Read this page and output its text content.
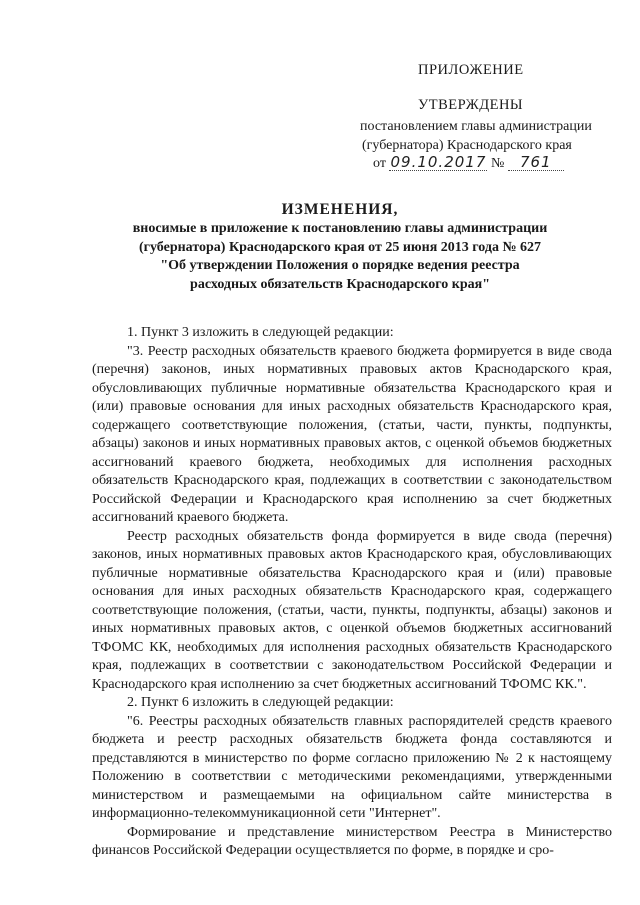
ПРИЛОЖЕНИЕ
УТВЕРЖДЕНЫ
постановлением главы администрации
(губернатора) Краснодарского края
от 09.10.2017 № 761
ИЗМЕНЕНИЯ,
вносимые в приложение к постановлению главы администрации
(губернатора) Краснодарского края от 25 июня 2013 года № 627
"Об утверждении Положения о порядке ведения реестра
расходных обязательств Краснодарского края"

1. Пункт 3 изложить в следующей редакции:

"3. Реестр расходных обязательств краевого бюджета формируется в виде свода (перечня) законов, иных нормативных правовых актов Краснодарского края, обусловливающих публичные нормативные обязательства Краснодарского края и (или) правовые основания для иных расходных обязательств Краснодарского края, содержащего соответствующие положения, (статьи, части, пункты, подпункты, абзацы) законов и иных нормативных правовых актов, с оценкой объемов бюджетных ассигнований краевого бюджета, необходимых для исполнения расходных обязательств Краснодарского края, подлежащих в соответствии с законодательством Российской Федерации и Краснодарского края исполнению за счет бюджетных ассигнований краевого бюджета.

Реестр расходных обязательств фонда формируется в виде свода (перечня) законов, иных нормативных правовых актов Краснодарского края, обусловливающих публичные нормативные обязательства Краснодарского края и (или) правовые основания для иных расходных обязательств Краснодарского края, содержащего соответствующие положения, (статьи, части, пункты, подпункты, абзацы) законов и иных нормативных правовых актов, с оценкой объемов бюджетных ассигнований ТФОМС КК, необходимых для исполнения расходных обязательств Краснодарского края, подлежащих в соответствии с законодательством Российской Федерации и Краснодарского края исполнению за счет бюджетных ассигнований ТФОМС КК.".

2. Пункт 6 изложить в следующей редакции:

"6. Реестры расходных обязательств главных распорядителей средств краевого бюджета и реестр расходных обязательств бюджета фонда составляются и представляются в министерство по форме согласно приложению № 2 к настоящему Положению в соответствии с методическими рекомендациями, утвержденными министерством и размещаемыми на официальном сайте министерства в информационно-телекоммуникационной сети "Интернет".

Формирование и представление министерством Реестра в Министерство финансов Российской Федерации осуществляется по форме, в порядке и сро-
